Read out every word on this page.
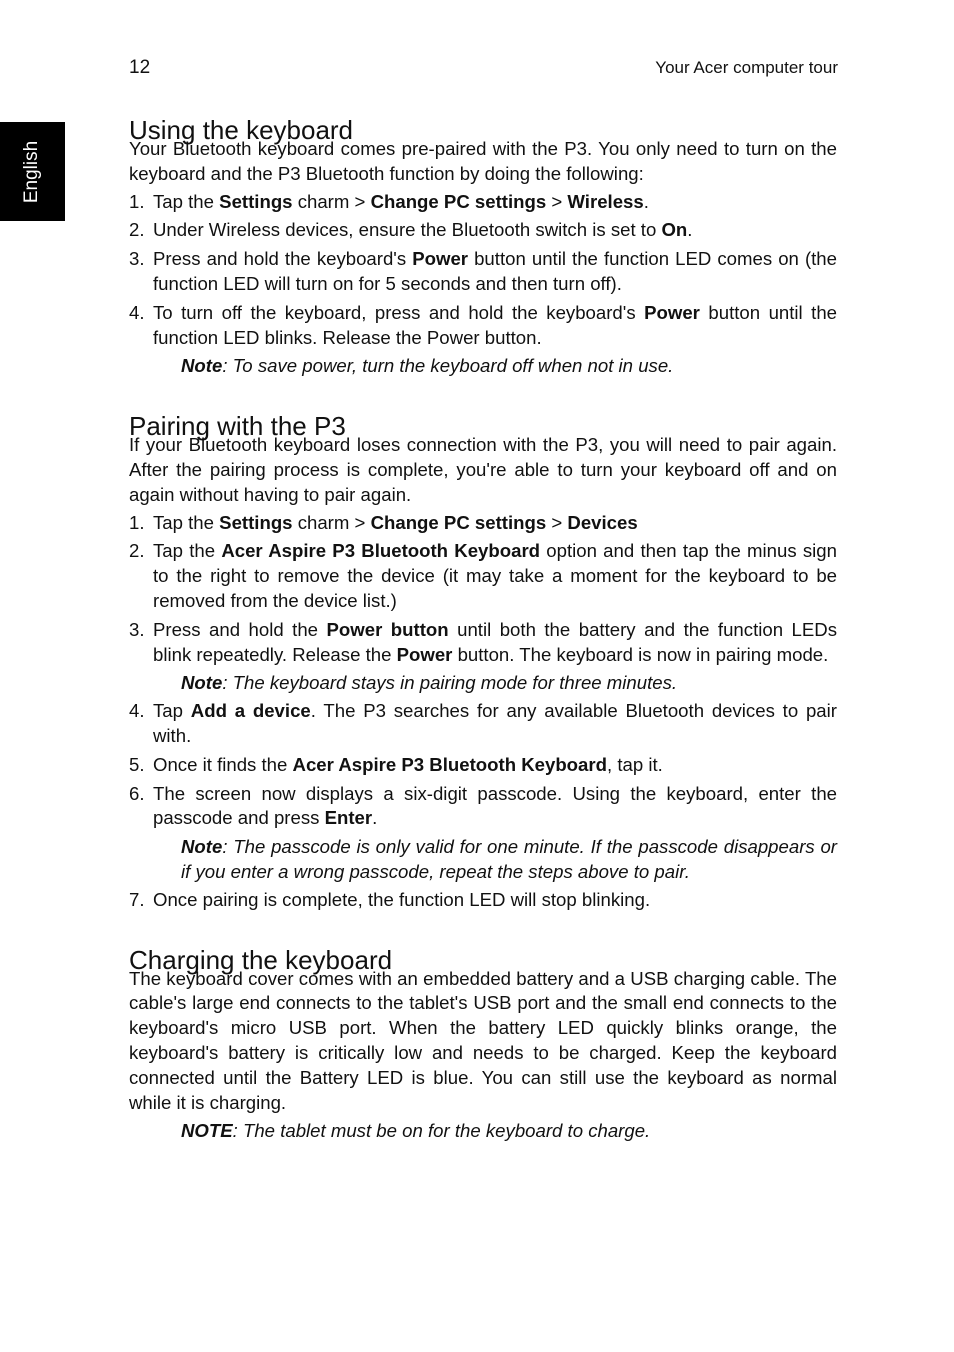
12	Your Acer computer tour
English
Using the keyboard

Your Bluetooth keyboard comes pre-paired with the P3. You only need to turn on the keyboard and the P3 Bluetooth function by doing the following:

1. Tap the Settings charm > Change PC settings > Wireless.
2. Under Wireless devices, ensure the Bluetooth switch is set to On.
3. Press and hold the keyboard's Power button until the function LED comes on (the function LED will turn on for 5 seconds and then turn off).
4. To turn off the keyboard, press and hold the keyboard's Power button until the function LED blinks. Release the Power button.

Note: To save power, turn the keyboard off when not in use.

Pairing with the P3

If your Bluetooth keyboard loses connection with the P3, you will need to pair again. After the pairing process is complete, you're able to turn your keyboard off and on again without having to pair again.

1. Tap the Settings charm > Change PC settings > Devices
2. Tap the Acer Aspire P3 Bluetooth Keyboard option and then tap the minus sign to the right to remove the device (it may take a moment for the keyboard to be removed from the device list.)
3. Press and hold the Power button until both the battery and the function LEDs blink repeatedly. Release the Power button. The keyboard is now in pairing mode.

Note: The keyboard stays in pairing mode for three minutes.

4. Tap Add a device. The P3 searches for any available Bluetooth devices to pair with.
5. Once it finds the Acer Aspire P3 Bluetooth Keyboard, tap it.
6. The screen now displays a six-digit passcode. Using the keyboard, enter the passcode and press Enter.

Note: The passcode is only valid for one minute. If the passcode disappears or if you enter a wrong passcode, repeat the steps above to pair.

7. Once pairing is complete, the function LED will stop blinking.
Charging the keyboard

The keyboard cover comes with an embedded battery and a USB charging cable. The cable's large end connects to the tablet's USB port and the small end connects to the keyboard's micro USB port. When the battery LED quickly blinks orange, the keyboard's battery is critically low and needs to be charged. Keep the keyboard connected until the Battery LED is blue. You can still use the keyboard as normal while it is charging.

NOTE: The tablet must be on for the keyboard to charge.
